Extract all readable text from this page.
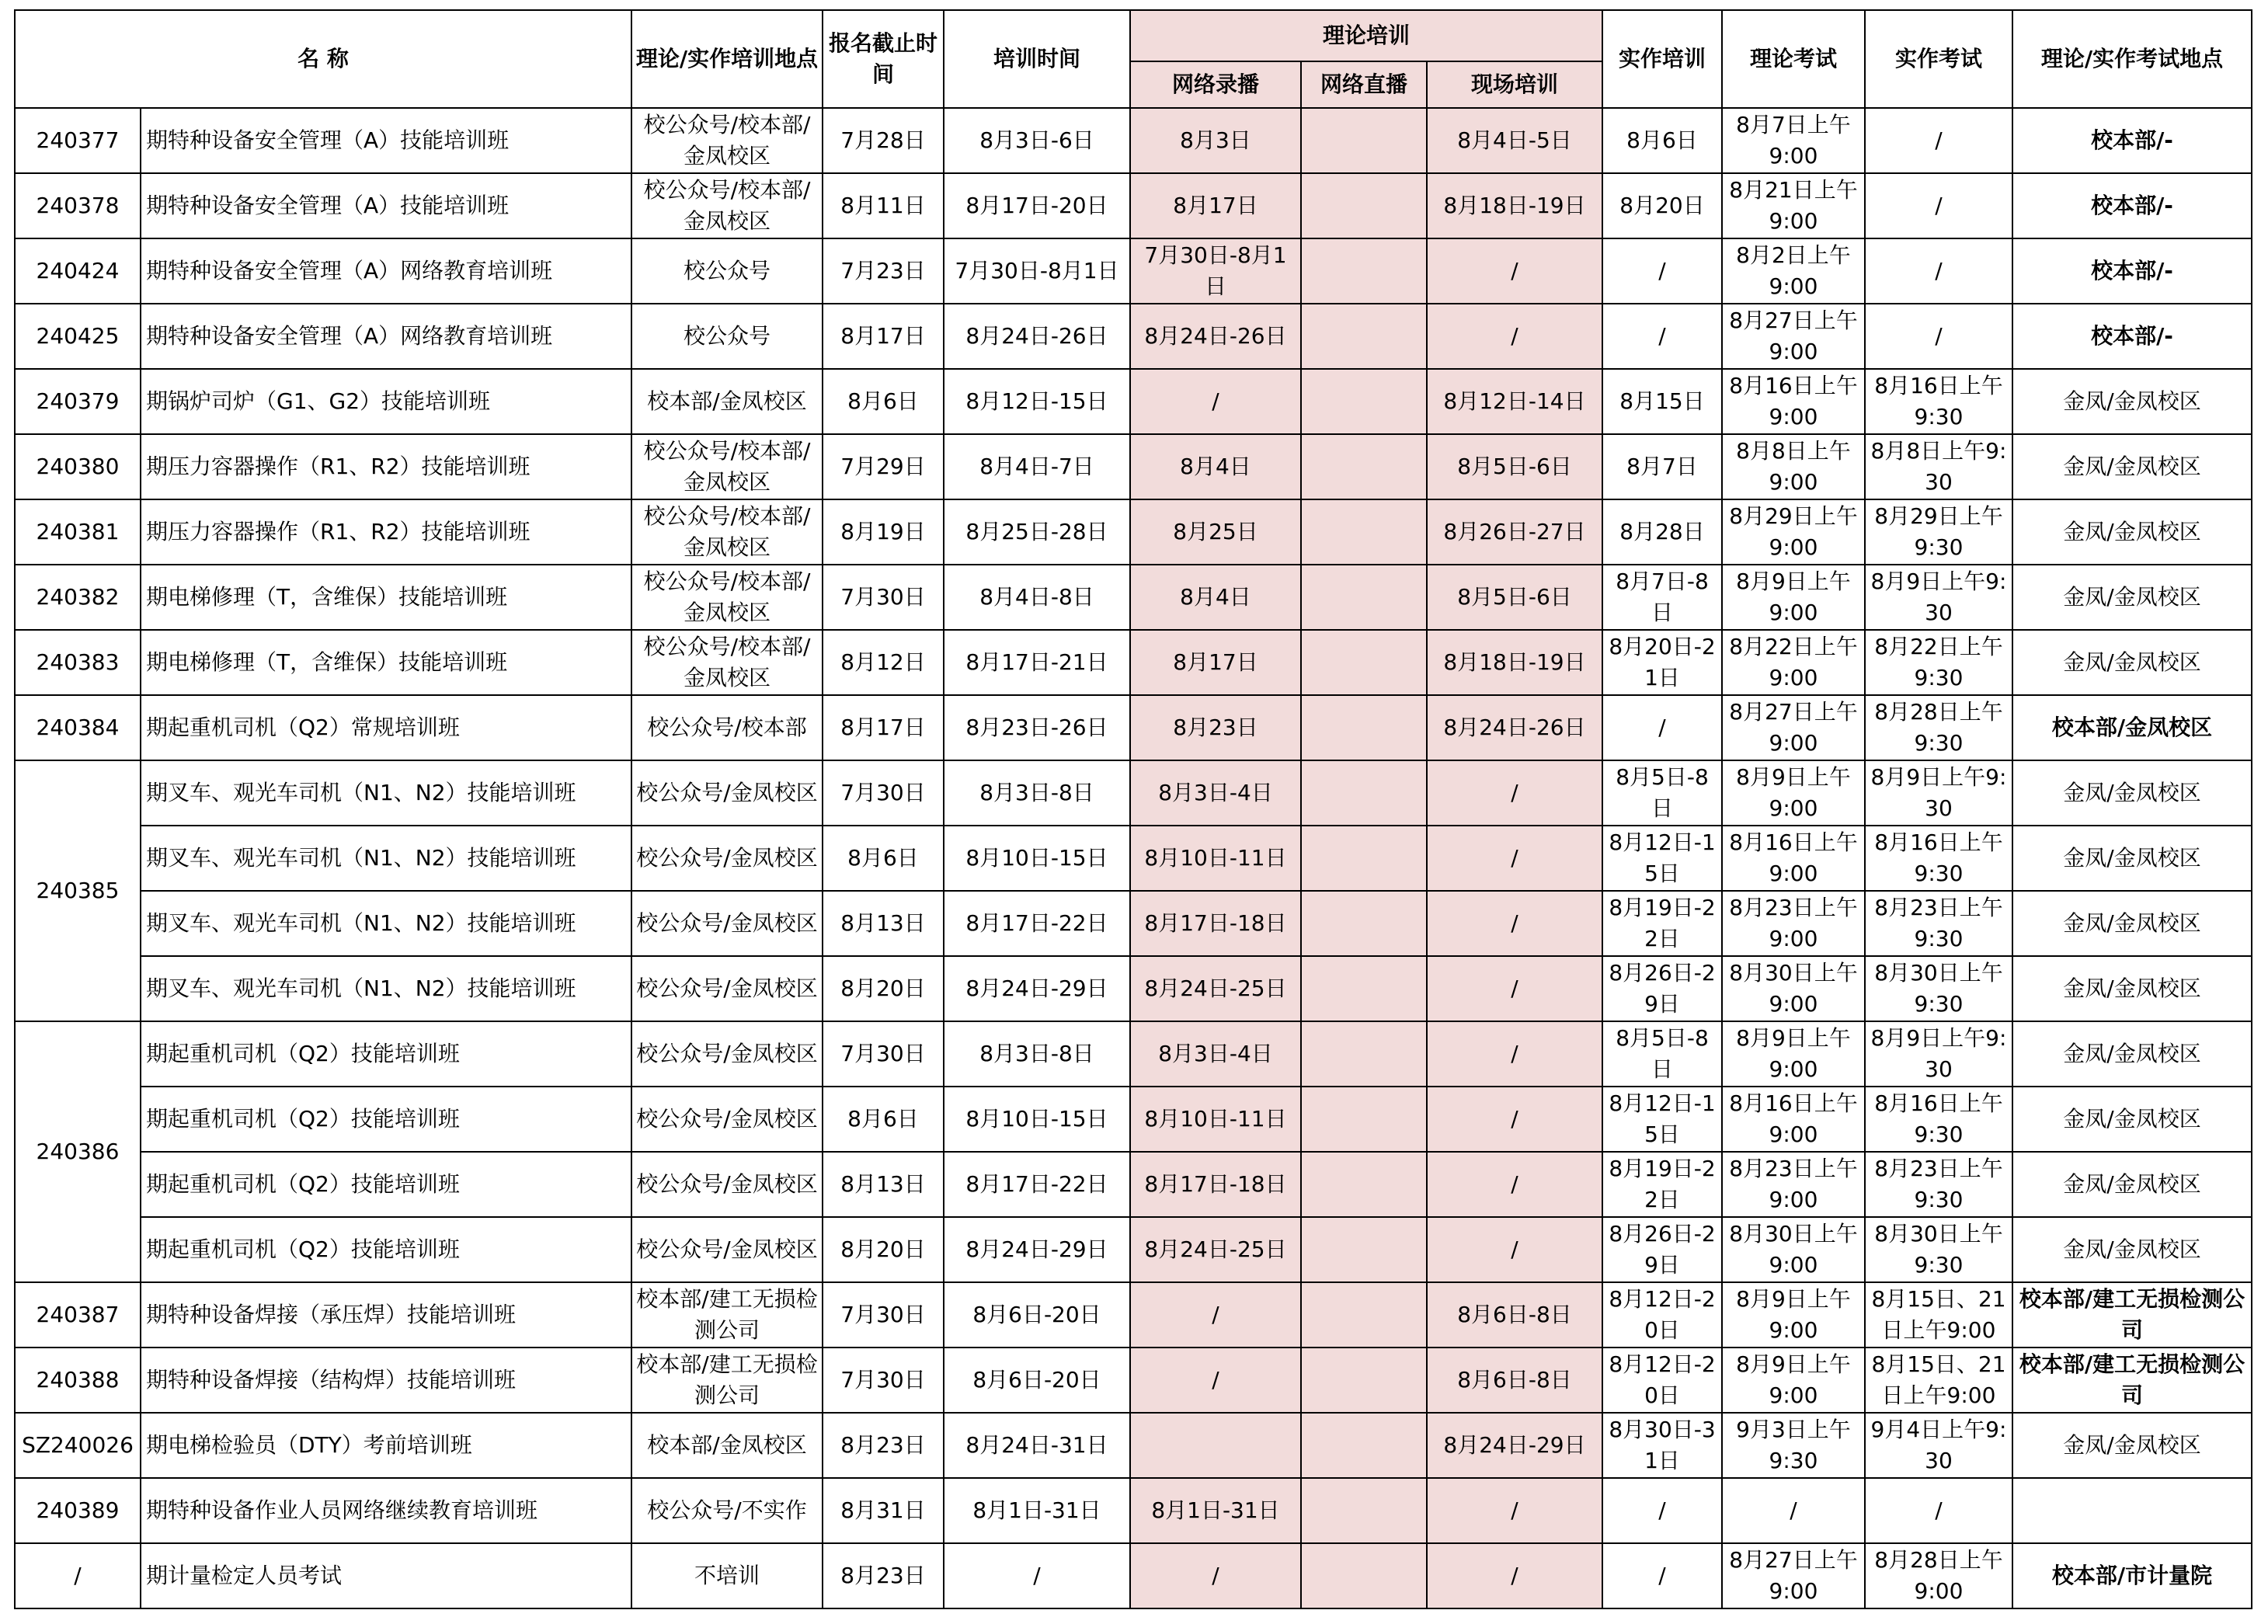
名 称		理论/实作培训地点	报名截止时间	培训时间	理论培训			实作培训	理论考试	实作考试	理论/实作考试地点
					网络录播	网络直播	现场培训				
240377	期特种设备安全管理（A）技能培训班	校公众号/校本部/金凤校区	7月28日	8月3日-6日	8月3日		8月4日-5日	8月6日	8月7日上午9:00	/	校本部/-
240378	期特种设备安全管理（A）技能培训班	校公众号/校本部/金凤校区	8月11日	8月17日-20日	8月17日		8月18日-19日	8月20日	8月21日上午9:00	/	校本部/-
240424	期特种设备安全管理（A）网络教育培训班	校公众号	7月23日	7月30日-8月1日	7月30日-8月1日		/	/	8月2日上午9:00	/	校本部/-
240425	期特种设备安全管理（A）网络教育培训班	校公众号	8月17日	8月24日-26日	8月24日-26日		/	/	8月27日上午9:00	/	校本部/-
240379	期锅炉司炉（G1、G2）技能培训班	校本部/金凤校区	8月6日	8月12日-15日	/		8月12日-14日	8月15日	8月16日上午9:00	8月16日上午9:30	金凤/金凤校区
240380	期压力容器操作（R1、R2）技能培训班	校公众号/校本部/金凤校区	7月29日	8月4日-7日	8月4日		8月5日-6日	8月7日	8月8日上午9:00	8月8日上午9:30	金凤/金凤校区
240381	期压力容器操作（R1、R2）技能培训班	校公众号/校本部/金凤校区	8月19日	8月25日-28日	8月25日		8月26日-27日	8月28日	8月29日上午9:00	8月29日上午9:30	金凤/金凤校区
240382	期电梯修理（T，含维保）技能培训班	校公众号/校本部/金凤校区	7月30日	8月4日-8日	8月4日		8月5日-6日	8月7日-8日	8月9日上午9:00	8月9日上午9:30	金凤/金凤校区
240383	期电梯修理（T，含维保）技能培训班	校公众号/校本部/金凤校区	8月12日	8月17日-21日	8月17日		8月18日-19日	8月20日-21日	8月22日上午9:00	8月22日上午9:30	金凤/金凤校区
240384	期起重机司机（Q2）常规培训班	校公众号/校本部	8月17日	8月23日-26日	8月23日		8月24日-26日	/	8月27日上午9:00	8月28日上午9:30	校本部/金凤校区
240385	期叉车、观光车司机（N1、N2）技能培训班	校公众号/金凤校区	7月30日	8月3日-8日	8月3日-4日		/	8月5日-8日	8月9日上午9:00	8月9日上午9:30	金凤/金凤校区
	期叉车、观光车司机（N1、N2）技能培训班	校公众号/金凤校区	8月6日	8月10日-15日	8月10日-11日		/	8月12日-15日	8月16日上午9:00	8月16日上午9:30	金凤/金凤校区
	期叉车、观光车司机（N1、N2）技能培训班	校公众号/金凤校区	8月13日	8月17日-22日	8月17日-18日		/	8月19日-22日	8月23日上午9:00	8月23日上午9:30	金凤/金凤校区
	期叉车、观光车司机（N1、N2）技能培训班	校公众号/金凤校区	8月20日	8月24日-29日	8月24日-25日		/	8月26日-29日	8月30日上午9:00	8月30日上午9:30	金凤/金凤校区
240386	期起重机司机（Q2）技能培训班	校公众号/金凤校区	7月30日	8月3日-8日	8月3日-4日		/	8月5日-8日	8月9日上午9:00	8月9日上午9:30	金凤/金凤校区
	期起重机司机（Q2）技能培训班	校公众号/金凤校区	8月6日	8月10日-15日	8月10日-11日		/	8月12日-15日	8月16日上午9:00	8月16日上午9:30	金凤/金凤校区
	期起重机司机（Q2）技能培训班	校公众号/金凤校区	8月13日	8月17日-22日	8月17日-18日		/	8月19日-22日	8月23日上午9:00	8月23日上午9:30	金凤/金凤校区
	期起重机司机（Q2）技能培训班	校公众号/金凤校区	8月20日	8月24日-29日	8月24日-25日		/	8月26日-29日	8月30日上午9:00	8月30日上午9:30	金凤/金凤校区
240387	期特种设备焊接（承压焊）技能培训班	校本部/建工无损检测公司	7月30日	8月6日-20日	/		8月6日-8日	8月12日-20日	8月9日上午9:00	8月15日、21日上午9:00	校本部/建工无损检测公司
240388	期特种设备焊接（结构焊）技能培训班	校本部/建工无损检测公司	7月30日	8月6日-20日	/		8月6日-8日	8月12日-20日	8月9日上午9:00	8月15日、21日上午9:00	校本部/建工无损检测公司
SZ240026	期电梯检验员（DTY）考前培训班	校本部/金凤校区	8月23日	8月24日-31日			8月24日-29日	8月30日-31日	9月3日上午9:30	9月4日上午9:30	金凤/金凤校区
240389	期特种设备作业人员网络继续教育培训班	校公众号/不实作	8月31日	8月1日-31日	8月1日-31日		/	/	/	/	
/	期计量检定人员考试	不培训	8月23日	/	/		/	/	8月27日上午9:00	8月28日上午9:00	校本部/市计量院
